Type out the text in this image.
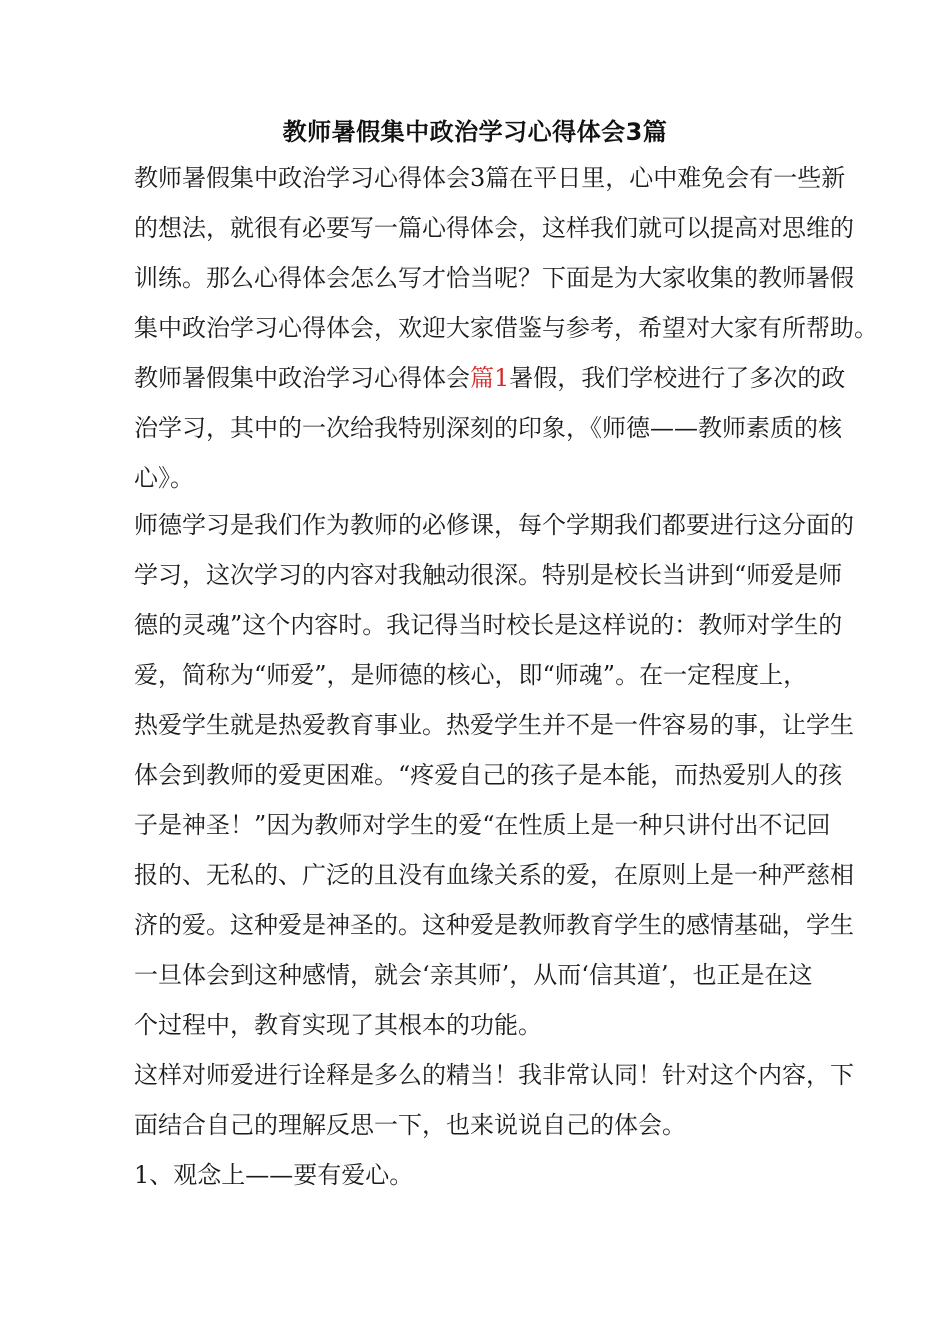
教师暑假集中政治学习心得体会3篇
教师暑假集中政治学习心得体会3篇在平日里，心中难免会有一些新
的想法，就很有必要写一篇心得体会，这样我们就可以提高对思维的
训练。那么心得体会怎么写才恰当呢？下面是为大家收集的教师暑假
集中政治学习心得体会，欢迎大家借鉴与参考，希望对大家有所帮助。
教师暑假集中政治学习心得体会篇1暑假，我们学校进行了多次的政
治学习，其中的一次给我特别深刻的印象，《师德——教师素质的核
心》。
师德学习是我们作为教师的必修课，每个学期我们都要进行这分面的
学习，这次学习的内容对我触动很深。特别是校长当讲到“师爱是师
德的灵魂”这个内容时。我记得当时校长是这样说的：教师对学生的
爱，简称为“师爱”，是师德的核心，即“师魂”。在一定程度上，
热爱学生就是热爱教育事业。热爱学生并不是一件容易的事，让学生
体会到教师的爱更困难。“疼爱自己的孩子是本能，而热爱别人的孩
子是神圣！”因为教师对学生的爱“在性质上是一种只讲付出不记回
报的、无私的、广泛的且没有血缘关系的爱，在原则上是一种严慈相
济的爱。这种爱是神圣的。这种爱是教师教育学生的感情基础，学生
一旦体会到这种感情，就会‘亲其师’，从而‘信其道’，也正是在这
个过程中，教育实现了其根本的功能。
这样对师爱进行诠释是多么的精当！我非常认同！针对这个内容，下
面结合自己的理解反思一下，也来说说自己的体会。
1、观念上——要有爱心。
